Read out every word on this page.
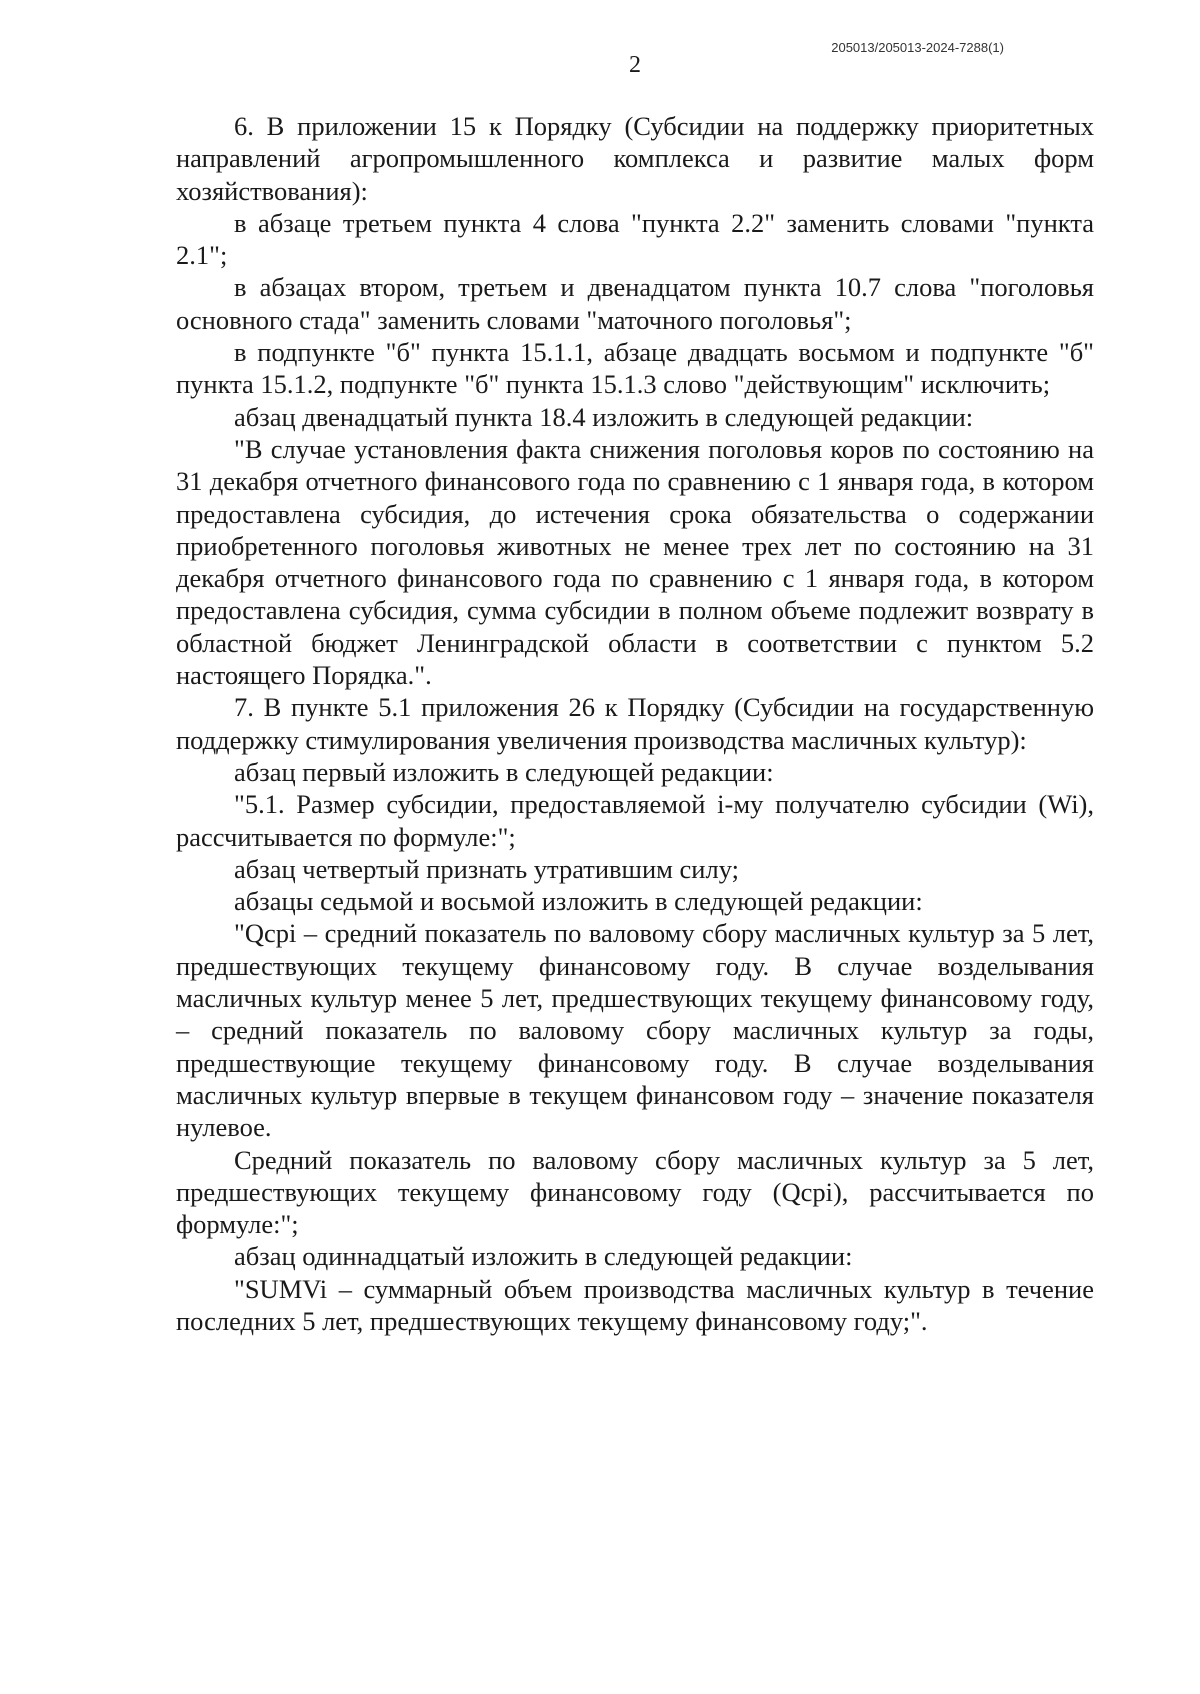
205013/205013-2024-7288(1)
2

6. В приложении 15 к Порядку (Субсидии на поддержку приоритетных направлений агропромышленного комплекса и развитие малых форм хозяйствования):

в абзаце третьем пункта 4 слова "пункта 2.2" заменить словами "пункта 2.1";

в абзацах втором, третьем и двенадцатом пункта 10.7 слова "поголовья основного стада" заменить словами "маточного поголовья";

в подпункте "б" пункта 15.1.1, абзаце двадцать восьмом и подпункте "б" пункта 15.1.2, подпункте "б" пункта 15.1.3 слово "действующим" исключить;

абзац двенадцатый пункта 18.4 изложить в следующей редакции:

"В случае установления факта снижения поголовья коров по состоянию на 31 декабря отчетного финансового года по сравнению с 1 января года, в котором предоставлена субсидия, до истечения срока обязательства о содержании приобретенного поголовья животных не менее трех лет по состоянию на 31 декабря отчетного финансового года по сравнению с 1 января года, в котором предоставлена субсидия, сумма субсидии в полном объеме подлежит возврату в областной бюджет Ленинградской области в соответствии с пунктом 5.2 настоящего Порядка.".

7. В пункте 5.1 приложения 26 к Порядку (Субсидии на государственную поддержку стимулирования увеличения производства масличных культур):

абзац первый изложить в следующей редакции:

"5.1. Размер субсидии, предоставляемой i-му получателю субсидии (Wi), рассчитывается по формуле:";

абзац четвертый признать утратившим силу;

абзацы седьмой и восьмой изложить в следующей редакции:

"Qcpi – средний показатель по валовому сбору масличных культур за 5 лет, предшествующих текущему финансовому году. В случае возделывания масличных культур менее 5 лет, предшествующих текущему финансовому году, – средний показатель по валовому сбору масличных культур за годы, предшествующие текущему финансовому году. В случае возделывания масличных культур впервые в текущем финансовом году – значение показателя нулевое.

Средний показатель по валовому сбору масличных культур за 5 лет, предшествующих текущему финансовому году (Qcpi), рассчитывается по формуле:";

абзац одиннадцатый изложить в следующей редакции:

"SUMVi – суммарный объем производства масличных культур в течение последних 5 лет, предшествующих текущему финансовому году;".
